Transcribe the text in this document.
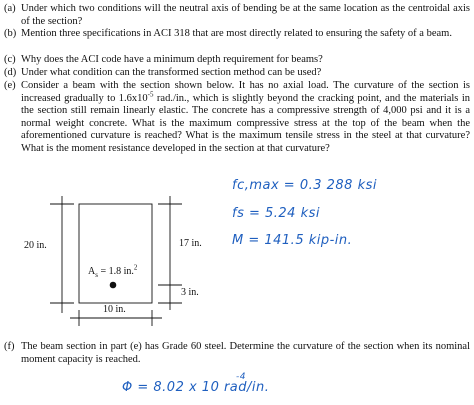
(a) Under which two conditions will the neutral axis of bending be at the same location as the centroidal axis of the section?
(b) Mention three specifications in ACI 318 that are most directly related to ensuring the safety of a beam.
(c) Why does the ACI code have a minimum depth requirement for beams?
(d) Under what condition can the transformed section method can be used?
(e) Consider a beam with the section shown below. It has no axial load. The curvature of the section is increased gradually to $1.6x10^{-5}$ rad./in., which is slightly beyond the cracking point, and the materials in the section still remain linearly elastic. The concrete has a compressive strength of 4,000 psi and it is a normal weight concrete. What is the maximum compressive stress at the top of the beam when the aforementioned curvature is reached? What is the maximum tensile stress in the steel at that curvature? What is the moment resistance developed in the section at that curvature?
fc,max = 0.3 288 ksi
fs = 5.24 ksi
M = 141.5 kip-in.
20 in.	17 in.
3 in.
10 in.
$A_s = 1.8$ in.$^2$
(f) The beam section in part (e) has Grade 60 steel. Determine the curvature of the section when its nominal moment capacity is reached.
Φ = 8.02 x 10 rad/in.
-4
